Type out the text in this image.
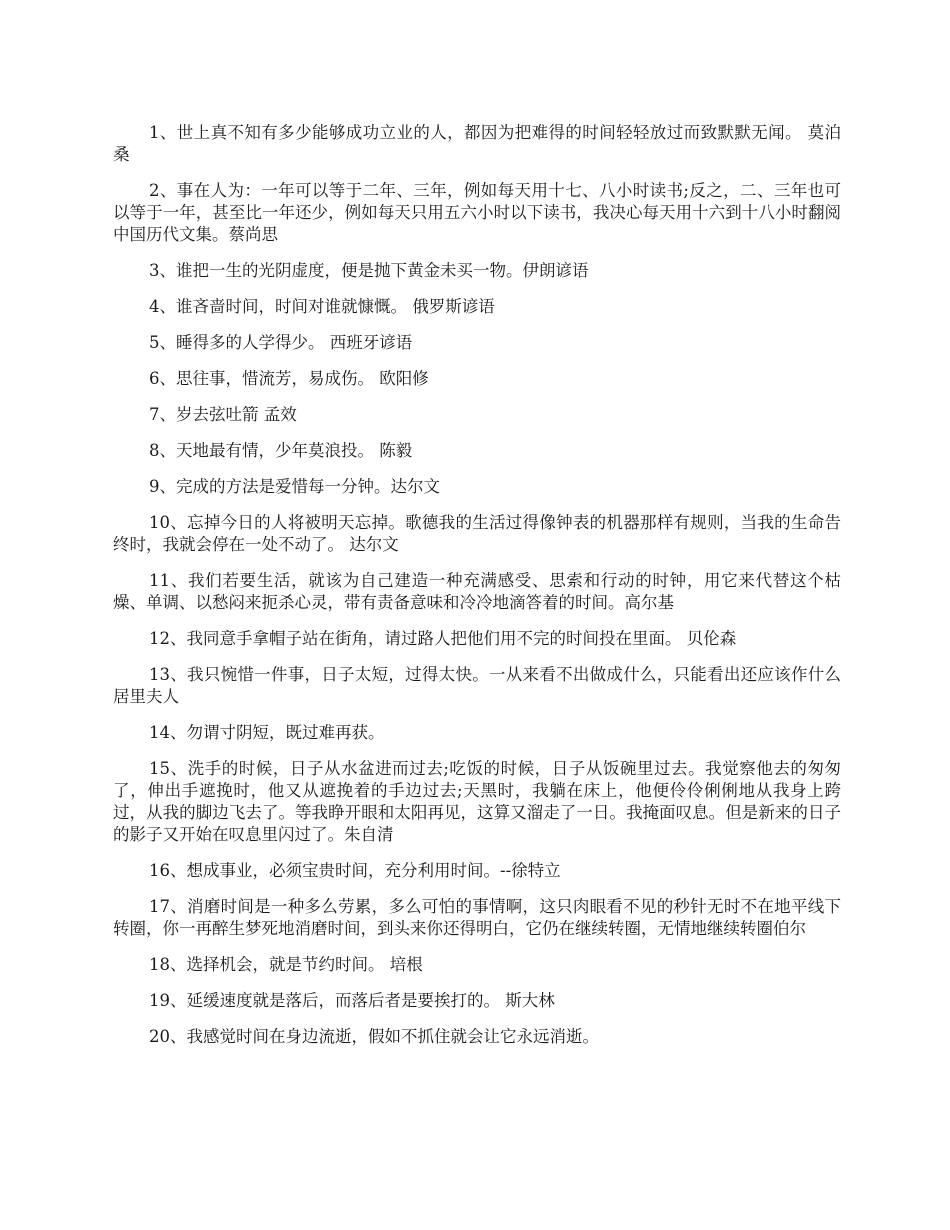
1、世上真不知有多少能够成功立业的人，都因为把难得的时间轻轻放过而致默默无闻。 莫泊桑

2、事在人为：一年可以等于二年、三年，例如每天用十七、八小时读书;反之，二、三年也可以等于一年，甚至比一年还少，例如每天只用五六小时以下读书，我决心每天用十六到十八小时翻阅中国历代文集。蔡尚思

3、谁把一生的光阴虚度，便是抛下黄金未买一物。伊朗谚语

4、谁吝啬时间，时间对谁就慷慨。 俄罗斯谚语

5、睡得多的人学得少。 西班牙谚语

6、思往事，惜流芳，易成伤。 欧阳修

7、岁去弦吐箭 孟效

8、天地最有情，少年莫浪投。 陈毅

9、完成的方法是爱惜每一分钟。达尔文

10、忘掉今日的人将被明天忘掉。歌德我的生活过得像钟表的机器那样有规则，当我的生命告终时，我就会停在一处不动了。 达尔文

11、我们若要生活，就该为自己建造一种充满感受、思索和行动的时钟，用它来代替这个枯燥、单调、以愁闷来扼杀心灵，带有责备意味和冷冷地滴答着的时间。高尔基

12、我同意手拿帽子站在街角，请过路人把他们用不完的时间投在里面。 贝伦森

13、我只惋惜一件事，日子太短，过得太快。一从来看不出做成什么，只能看出还应该作什么 居里夫人

14、勿谓寸阴短，既过难再获。

15、洗手的时候，日子从水盆进而过去;吃饭的时候，日子从饭碗里过去。我觉察他去的匆匆了，伸出手遮挽时，他又从遮挽着的手边过去;天黑时，我躺在床上，他便伶伶俐俐地从我身上跨过，从我的脚边飞去了。等我睁开眼和太阳再见，这算又溜走了一日。我掩面叹息。但是新来的日子的影子又开始在叹息里闪过了。朱自清

16、想成事业，必须宝贵时间，充分利用时间。--徐特立

17、消磨时间是一种多么劳累，多么可怕的事情啊，这只肉眼看不见的秒针无时不在地平线下转圈，你一再醉生梦死地消磨时间，到头来你还得明白，它仍在继续转圈，无情地继续转圈伯尔

18、选择机会，就是节约时间。 培根

19、延缓速度就是落后，而落后者是要挨打的。 斯大林

20、我感觉时间在身边流逝，假如不抓住就会让它永远消逝。
